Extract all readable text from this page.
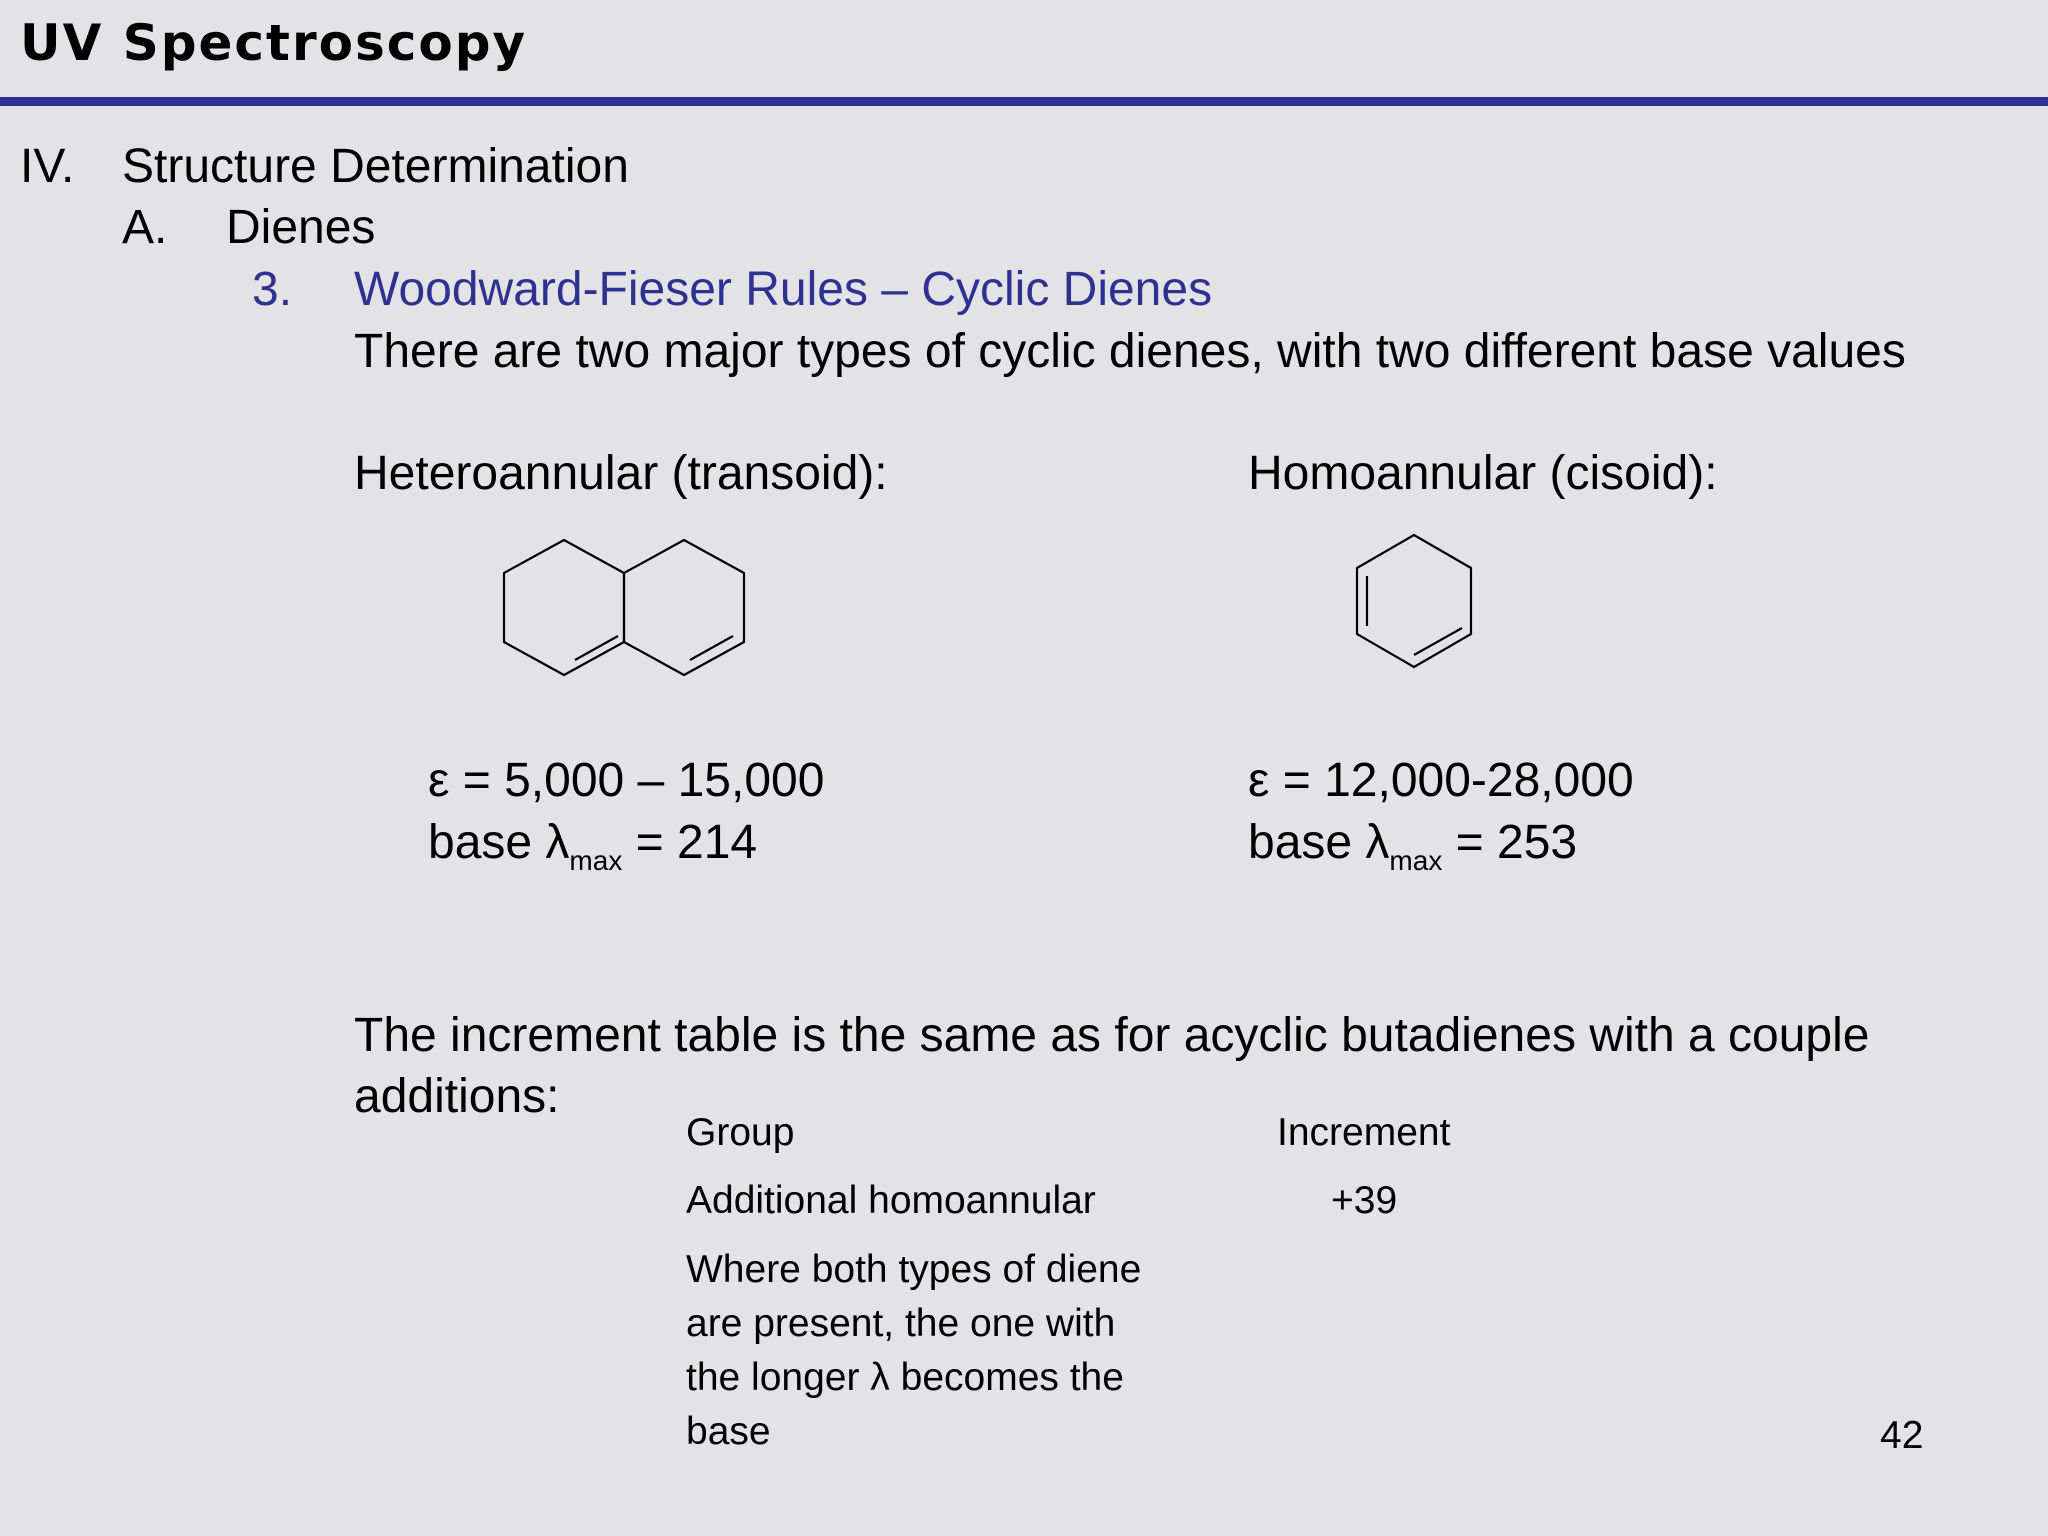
UV Spectroscopy
IV. Structure Determination
A. Dienes
3. Woodward-Fieser Rules – Cyclic Dienes
There are two major types of cyclic dienes, with two different base values
Heteroannular (transoid):
ε = 5,000 – 15,000
base $\lambda_{max} = 214$
Homoannular (cisoid):
ε = 12,000-28,000
base $\lambda_{max} = 253$
The increment table is the same as for acyclic butadienes with a couple
additions:
Group	Increment
Additional homoannular	+39
Where both types of diene
are present, the one with
the longer λ becomes the
base	42
